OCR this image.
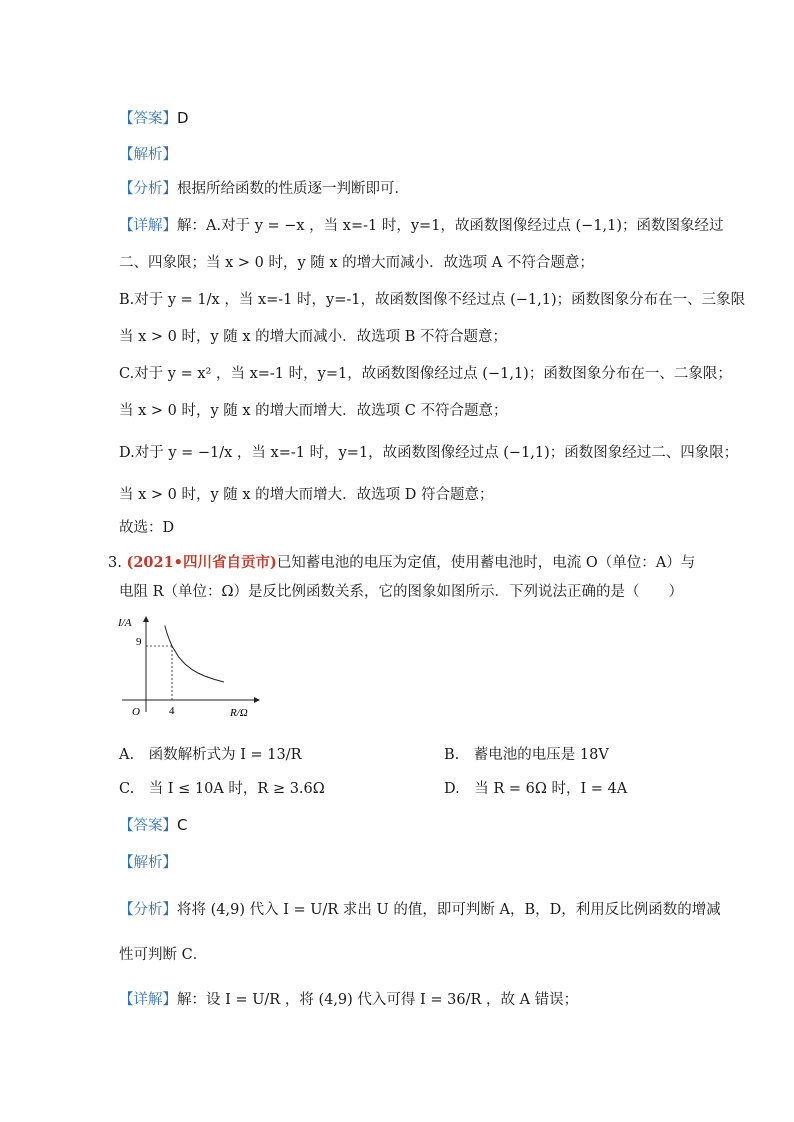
【答案】D
【解析】
【分析】根据所给函数的性质逐一判断即可．
【详解】解：A.对于 y = −x ，当 x=-1 时，y=1，故函数图像经过点 (−1,1)；函数图象经过
二、四象限；当 x > 0 时，y 随 x 的增大而减小．故选项 A 不符合题意；
B.对于 y = 1/x ，当 x=-1 时，y=-1，故函数图像不经过点 (−1,1)；函数图象分布在一、三象限
当 x > 0 时，y 随 x 的增大而减小．故选项 B 不符合题意；
C.对于 y = x² ，当 x=-1 时，y=1，故函数图像经过点 (−1,1)；函数图象分布在一、二象限；
当 x > 0 时，y 随 x 的增大而增大．故选项 C 不符合题意；
D.对于 y = −1/x ，当 x=-1 时，y=1，故函数图像经过点 (−1,1)；函数图象经过二、四象限；
当 x > 0 时，y 随 x 的增大而增大．故选项 D 符合题意；
故选：D
3. (2021•四川省自贡市)已知蓄电池的电压为定值，使用蓄电池时，电流 O（单位：A）与
电阻 R（单位：Ω）是反比例函数关系，它的图象如图所示．下列说法正确的是（　　）
I/A
R/Ω
O	4
9
A.　 函数解析式为 I = 13/R	B.　 蓄电池的电压是 18V
C.　 当 I ≤ 10A 时，R ≥ 3.6Ω	D.　 当 R = 6Ω 时，I = 4A
【答案】C
【解析】
【分析】将将 (4,9) 代入 I = U/R 求出 U 的值，即可判断 A，B，D，利用反比例函数的增减
性可判断 C．
【详解】解：设 I = U/R ，将 (4,9) 代入可得 I = 36/R ，故 A 错误；
